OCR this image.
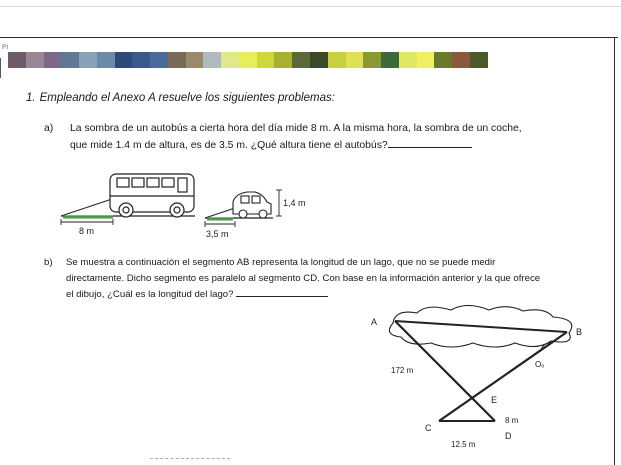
Pi
1. Empleando el Anexo A resuelve los siguientes problemas:
a) La sombra de un autobús a cierta hora del día mide 8 m. A la misma hora, la sombra de un coche,
que mide 1.4 m de altura, es de 3.5 m. ¿Qué altura tiene el autobús?
8 m
1,4 m
3,5 m
b) Se muestra a continuación el segmento AB representa la longitud de un lago, que no se puede medir
directamente. Dicho segmento es paralelo al segmento CD. Con base en la información anterior y la que ofrece
el dibujo, ¿Cuál es la longitud del lago?
A
B
C
D
E
Oₒ
172 m
8 m
12.5 m
